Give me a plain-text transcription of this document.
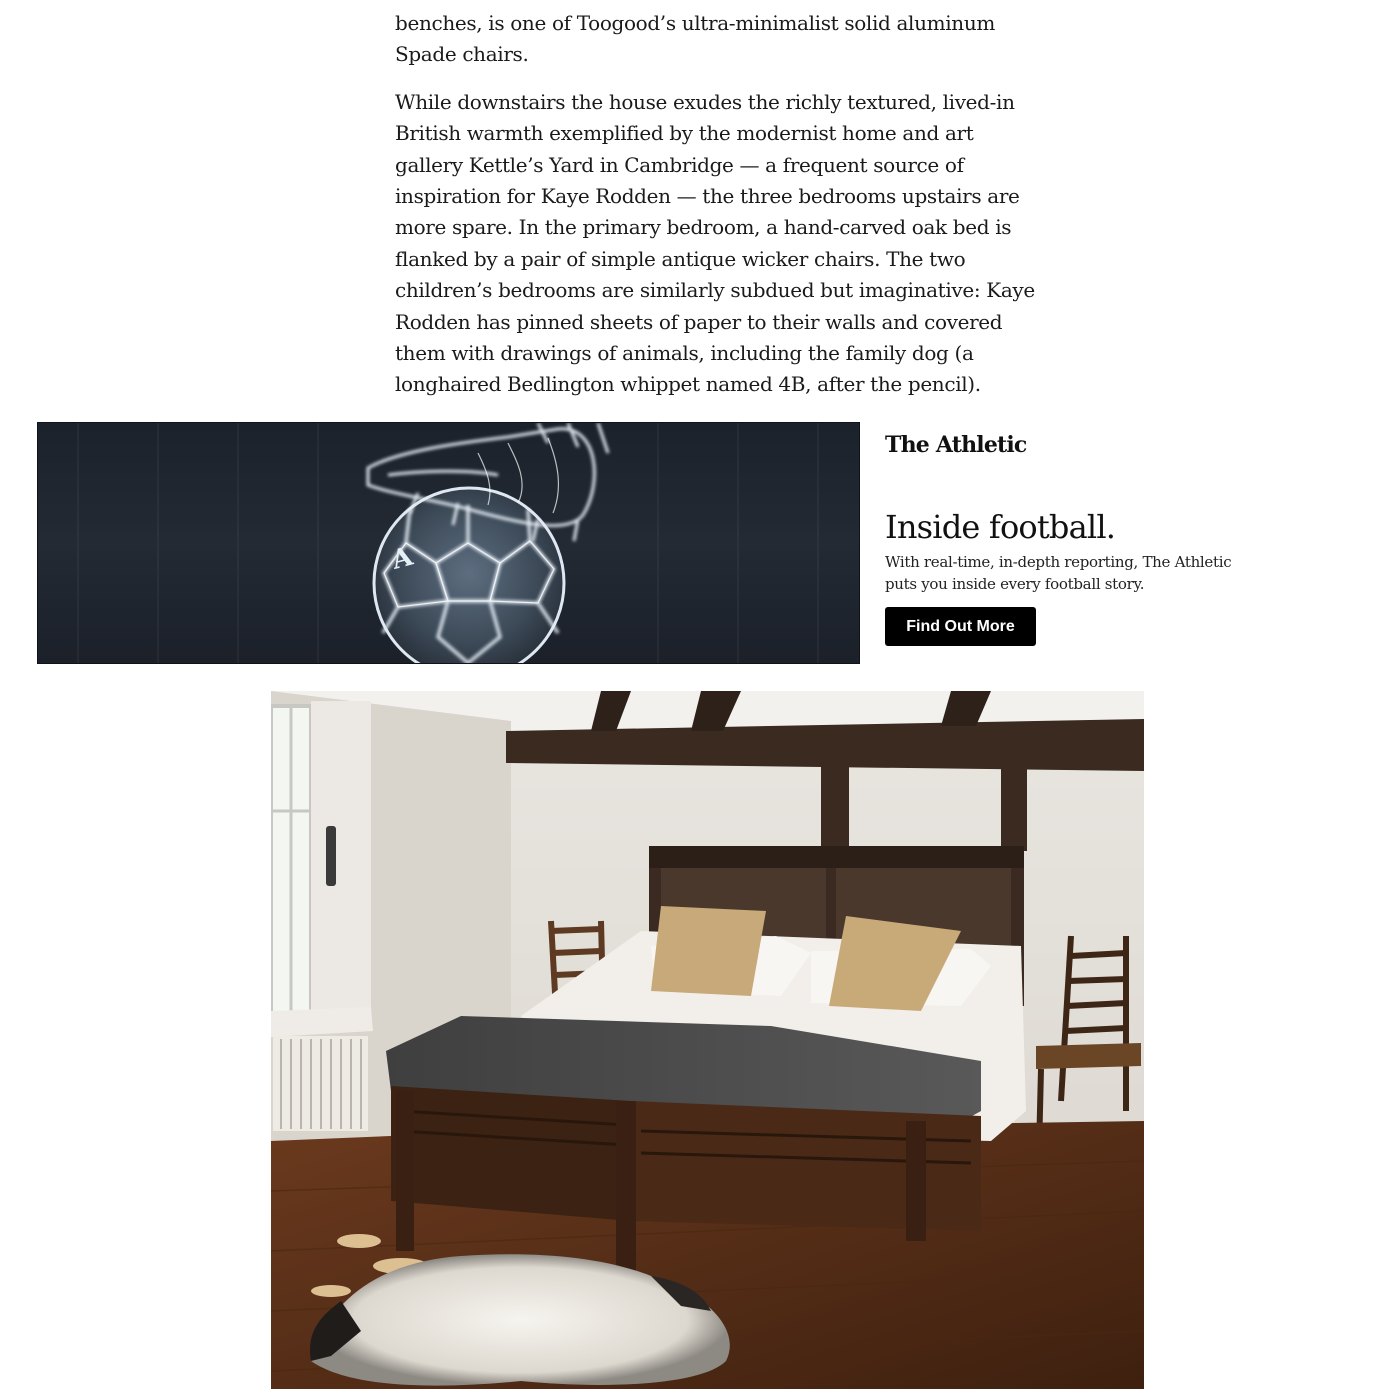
benches, is one of Toogood’s ultra-minimalist solid aluminum Spade chairs.

While downstairs the house exudes the richly textured, lived-in British warmth exemplified by the modernist home and art gallery Kettle’s Yard in Cambridge — a frequent source of inspiration for Kaye Rodden — the three bedrooms upstairs are more spare. In the primary bedroom, a hand-carved oak bed is flanked by a pair of simple antique wicker chairs. The two children’s bedrooms are similarly subdued but imaginative: Kaye Rodden has pinned sheets of paper to their walls and covered them with drawings of animals, including the family dog (a longhaired Bedlington whippet named 4B, after the pencil).

A
The Athletic
Inside football.
With real-time, in-depth reporting, The Athletic puts you inside every football story.
Find Out More
